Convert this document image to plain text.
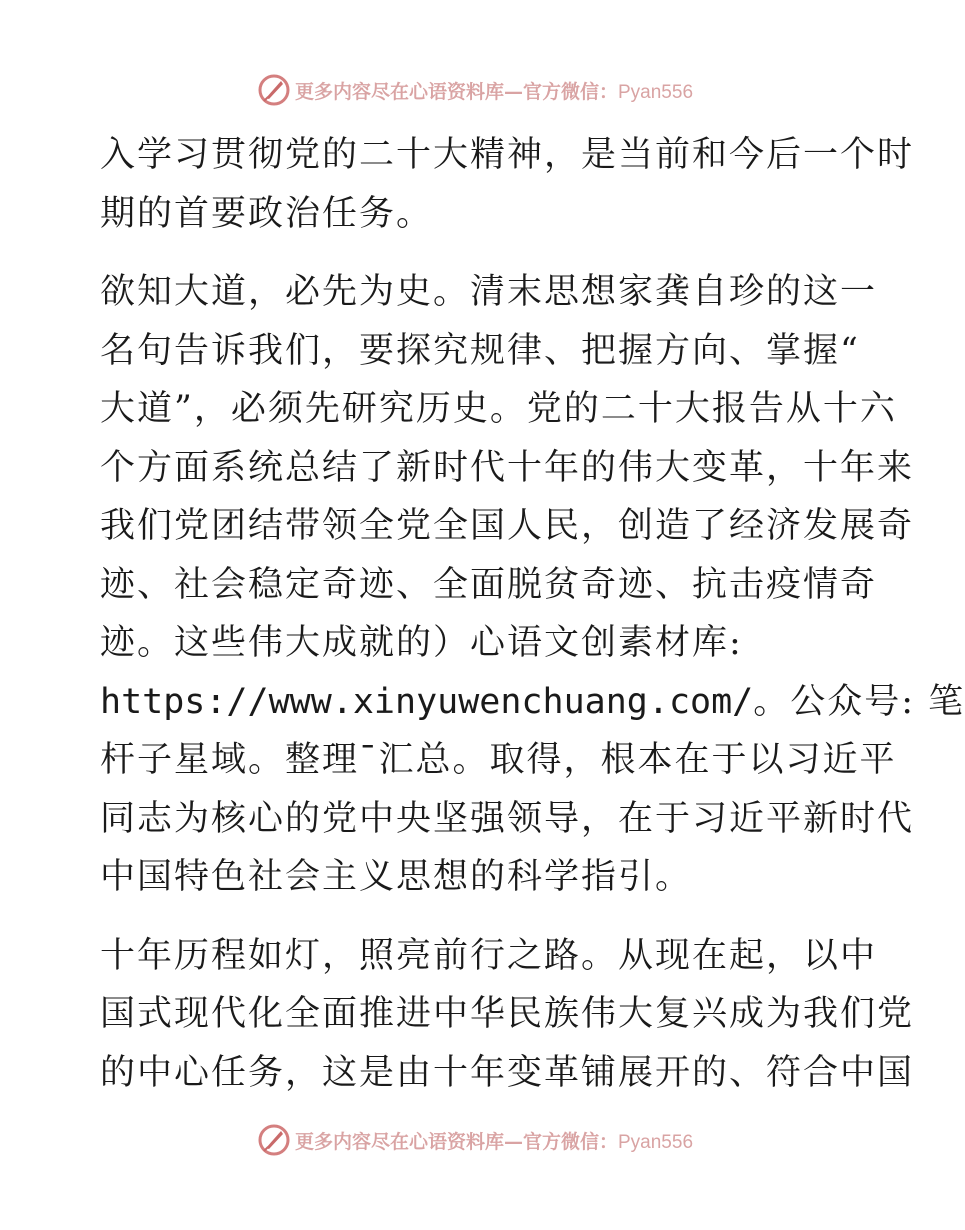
更多内容尽在心语资料库—官方微信：Pyan556
入学习贯彻党的二十大精神，是当前和今后一个时
期的首要政治任务。
欲知大道，必先为史。清末思想家龚自珍的这一
名句告诉我们，要探究规律、把握方向、掌握“
大道”，必须先研究历史。党的二十大报告从十六
个方面系统总结了新时代十年的伟大变革，十年来
我们党团结带领全党全国人民，创造了经济发展奇
迹、社会稳定奇迹、全面脱贫奇迹、抗击疫情奇
迹。这些伟大成就的）心语文创素材库:
https://www.xinyuwenchuang.com/。公众号: 笔
杆子星域。整理¯汇总。取得，根本在于以习近平
同志为核心的党中央坚强领导，在于习近平新时代
中国特色社会主义思想的科学指引。
十年历程如灯，照亮前行之路。从现在起，以中
国式现代化全面推进中华民族伟大复兴成为我们党
的中心任务，这是由十年变革铺展开的、符合中国
更多内容尽在心语资料库—官方微信：Pyan556
